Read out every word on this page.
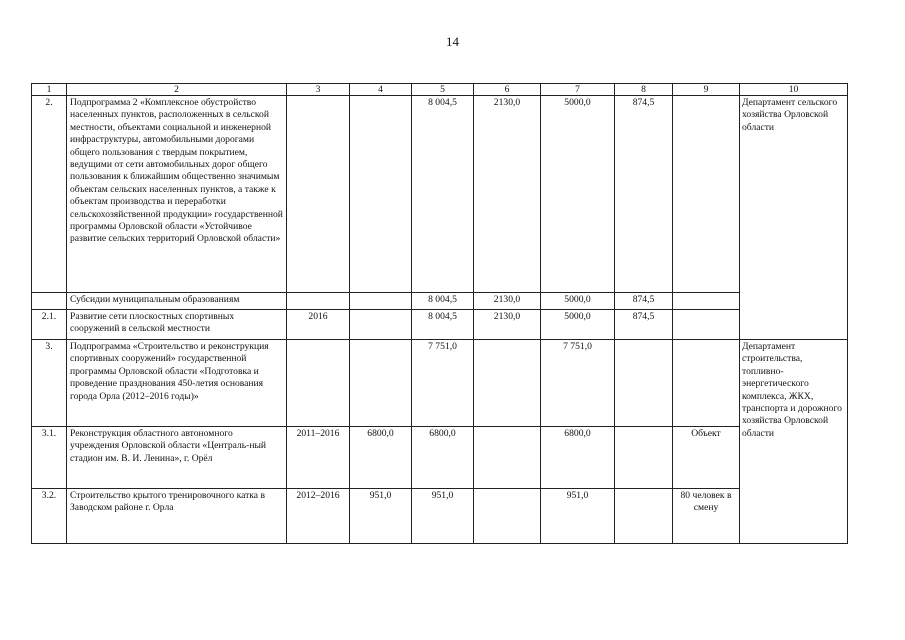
14
1	2	3	4	5	6	7	8	9	10
2.	Подпрограмма 2 «Комплексное обустройство населенных пунктов, расположенных в сельской местности, объектами социальной и инженерной инфраструктуры, автомобильными дорогами общего пользования с твердым покрытием, ведущими от сети автомобильных дорог общего пользования к ближайшим общественно значимым объектам сельских населенных пунктов, а также к объектам производства и переработки сельскохозяйственной продукции» государственной программы Орловской области «Устойчивое развитие сельских территорий Орловской области»			8 004,5	2130,0	5000,0	874,5		Департамент сельского хозяйства Орловской области
	Субсидии муниципальным образованиям			8 004,5	2130,0	5000,0	874,5		
2.1.	Развитие сети плоскостных спортивных сооружений в сельской местности	2016		8 004,5	2130,0	5000,0	874,5		
3.	Подпрограмма «Строительство и реконструкция спортивных сооружений» государственной программы Орловской области «Подготовка и проведение празднования 450-летия основания города Орла (2012–2016 годы)»			7 751,0		7 751,0			Департамент строительства, топливно-энергетического комплекса, ЖКХ, транспорта и дорожного хозяйства Орловской области
3.1.	Реконструкция областного автономного учреждения Орловской области «Централь-ный стадион им. В. И. Ленина», г. Орёл	2011–2016	6800,0	6800,0		6800,0		Объект	
3.2.	Строительство крытого тренировочного катка в Заводском районе г. Орла	2012–2016	951,0	951,0		951,0		80 человек в смену	
